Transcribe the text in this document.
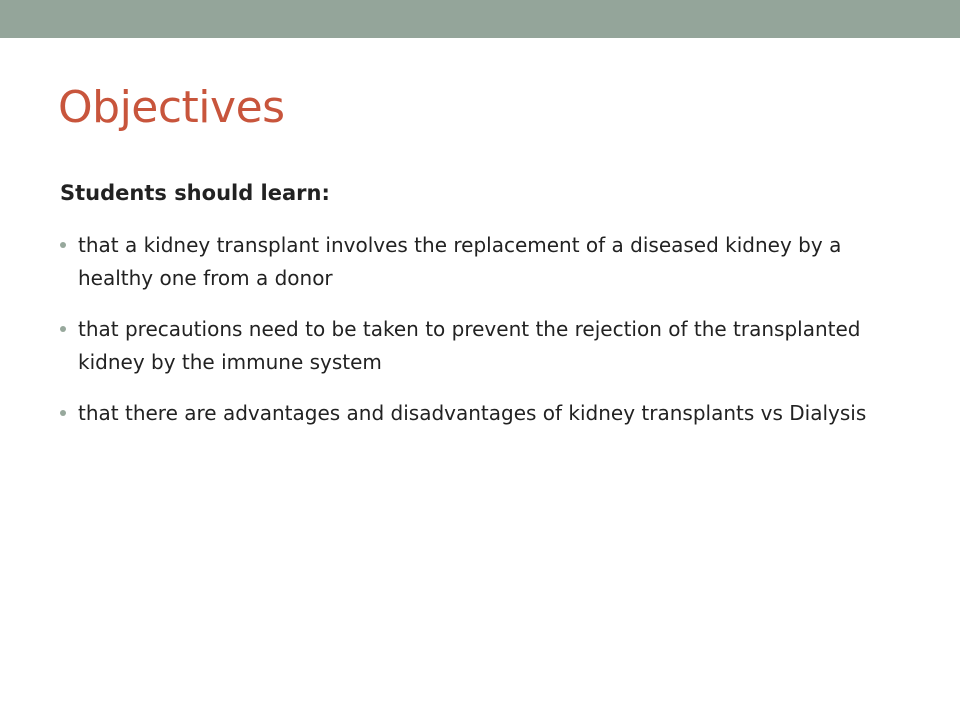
Objectives

Students should learn:

that a kidney transplant involves the replacement of a diseased kidney by a healthy one from a donor
that precautions need to be taken to prevent the rejection of the transplanted kidney by the immune system
that there are advantages and disadvantages of kidney transplants vs Dialysis
